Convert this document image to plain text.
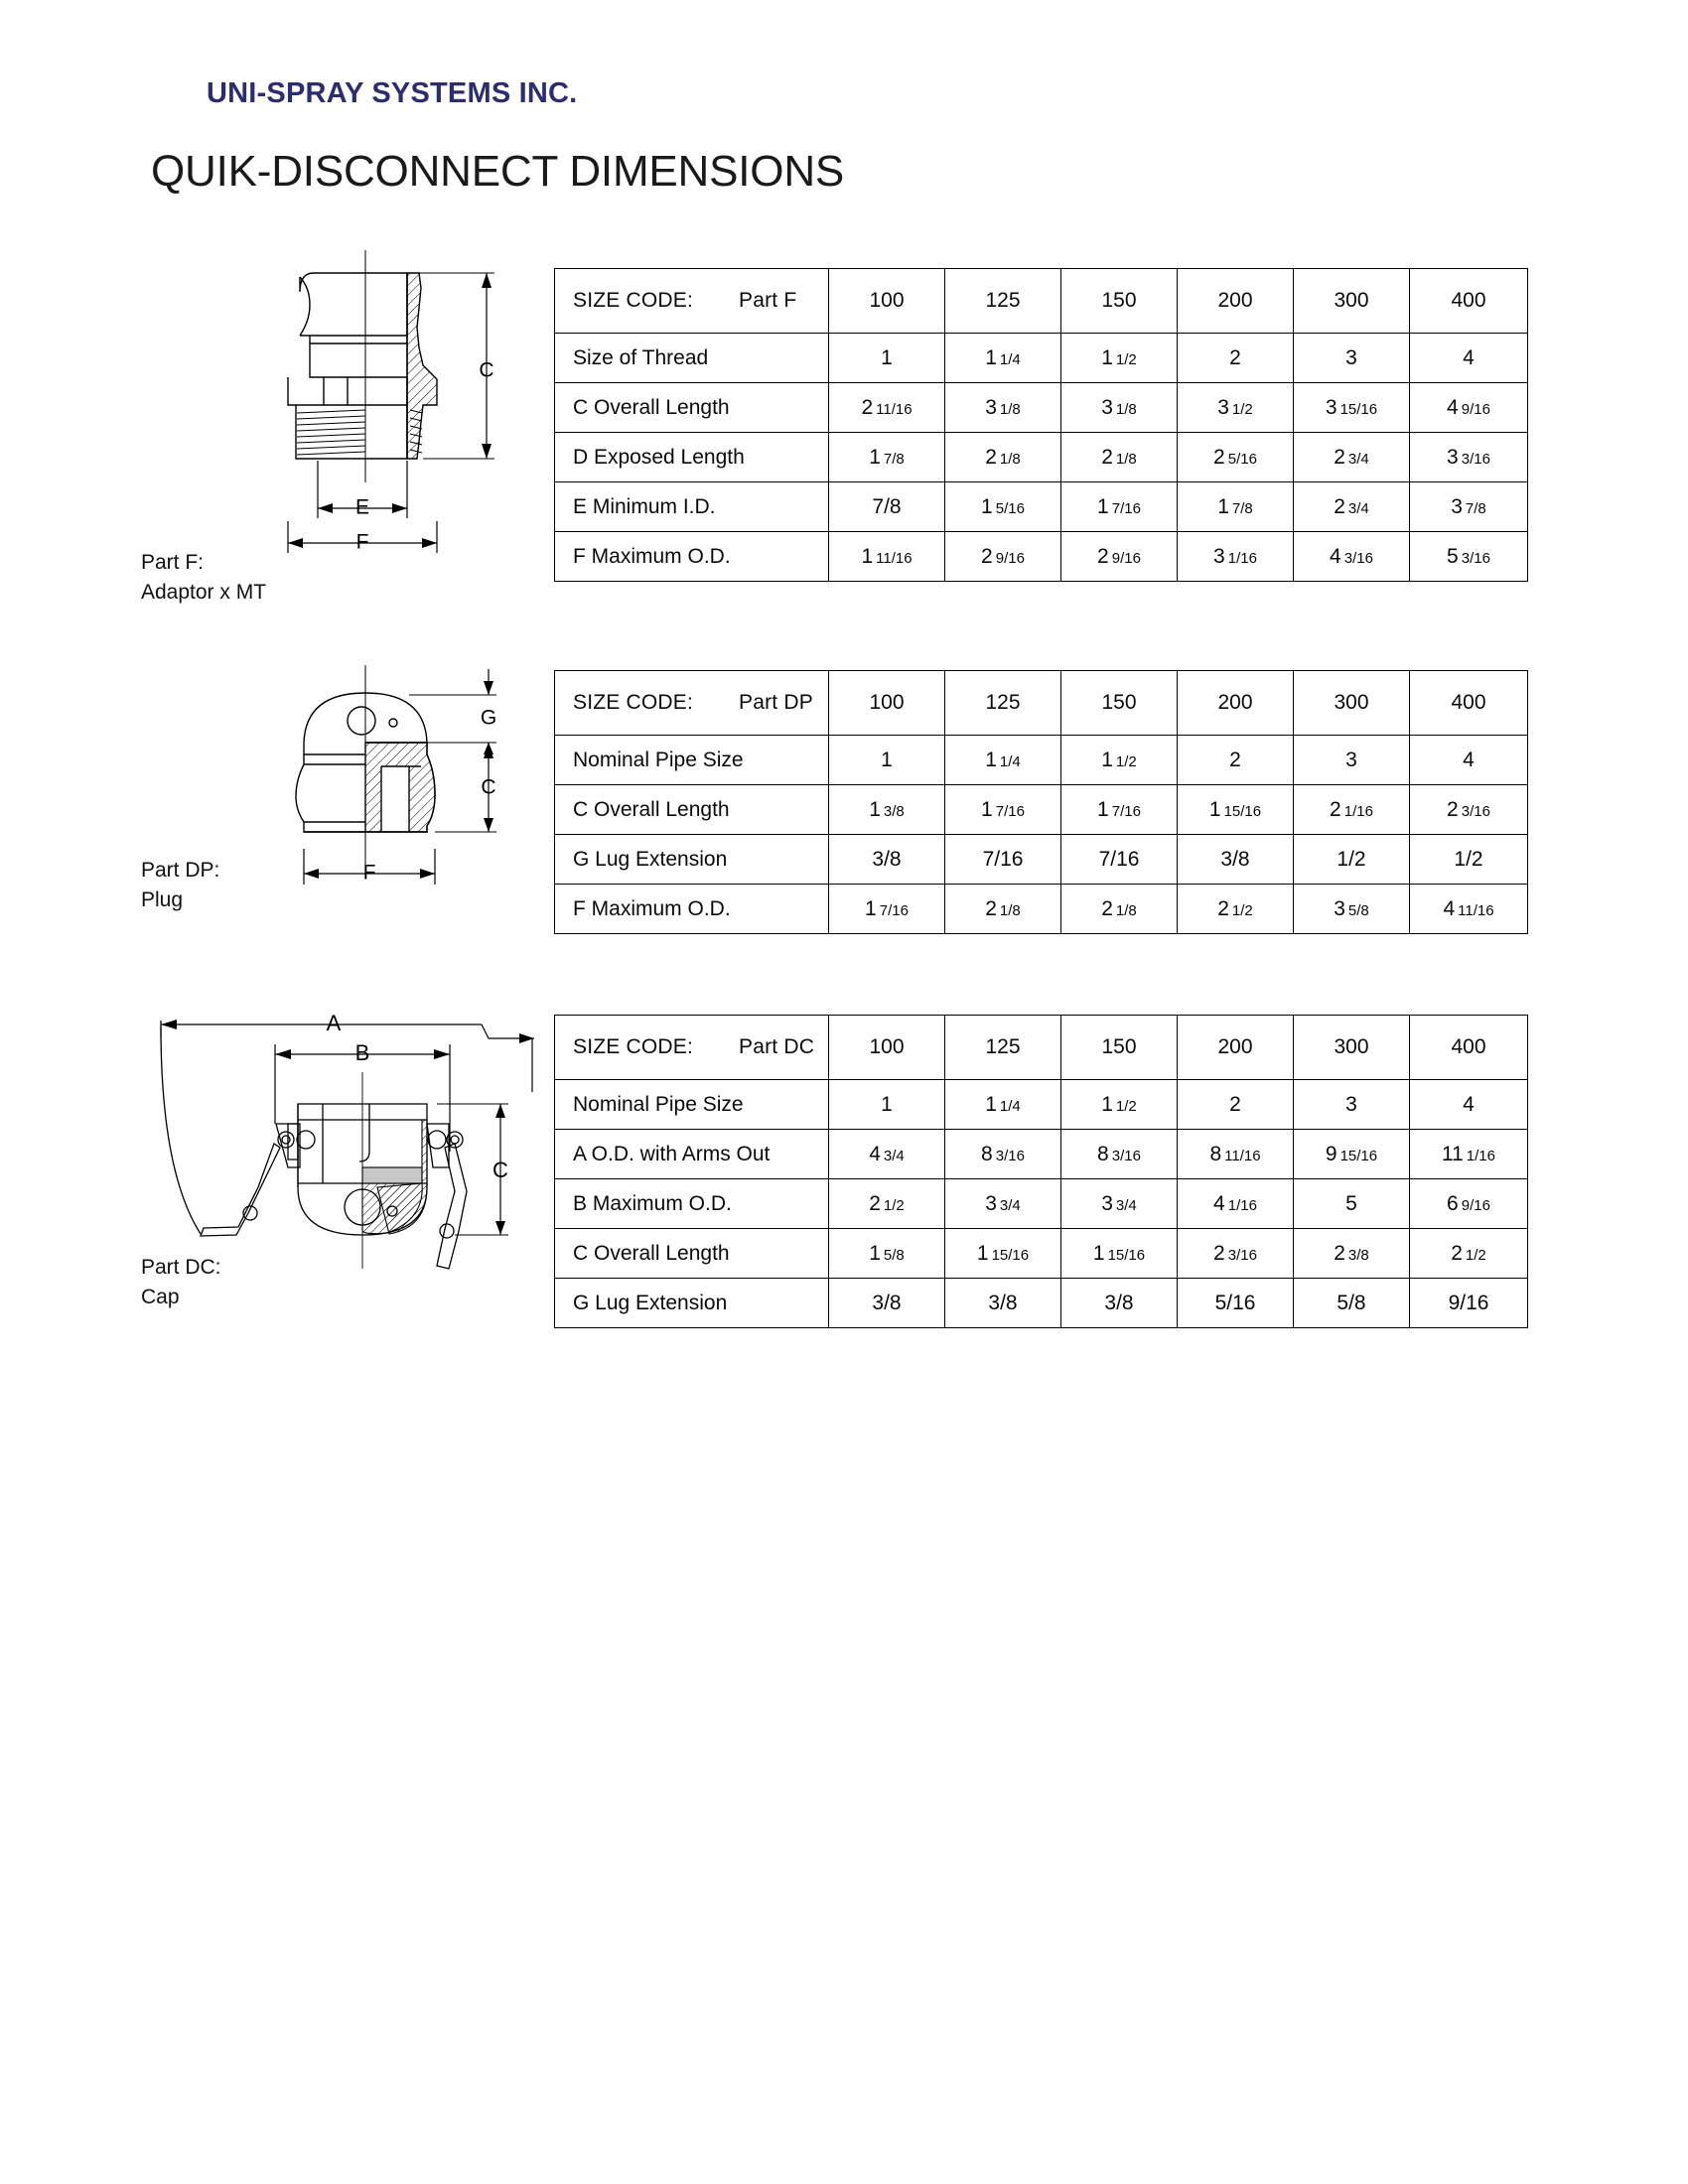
UNI-SPRAY SYSTEMS INC.
QUIK-DISCONNECT DIMENSIONS
C
E
F
Part F:
Adaptor x MT
G
C
F
Part DP:
Plug
A
B
C
Part DC:
Cap
SIZE CODE: Part F	100	125	150	200	300	400
Size of Thread	1	1 1/4	1 1/2	2	3	4
C Overall Length	2 11/16	3 1/8	3 1/8	3 1/2	3 15/16	4 9/16
D Exposed Length	1 7/8	2 1/8	2 1/8	2 5/16	2 3/4	3 3/16
E Minimum I.D.	7/8	1 5/16	1 7/16	1 7/8	2 3/4	3 7/8
F Maximum O.D.	1 11/16	2 9/16	2 9/16	3 1/16	4 3/16	5 3/16
SIZE CODE: Part DP	100	125	150	200	300	400
Nominal Pipe Size	1	1 1/4	1 1/2	2	3	4
C Overall Length	1 3/8	1 7/16	1 7/16	1 15/16	2 1/16	2 3/16
G Lug Extension	3/8	7/16	7/16	3/8	1/2	1/2
F Maximum O.D.	1 7/16	2 1/8	2 1/8	2 1/2	3 5/8	4 11/16
SIZE CODE: Part DC	100	125	150	200	300	400
Nominal Pipe Size	1	1 1/4	1 1/2	2	3	4
A O.D. with Arms Out	4 3/4	8 3/16	8 3/16	8 11/16	9 15/16	11 1/16
B Maximum O.D.	2 1/2	3 3/4	3 3/4	4 1/16	5	6 9/16
C Overall Length	1 5/8	1 15/16	1 15/16	2 3/16	2 3/8	2 1/2
G Lug Extension	3/8	3/8	3/8	5/16	5/8	9/16
